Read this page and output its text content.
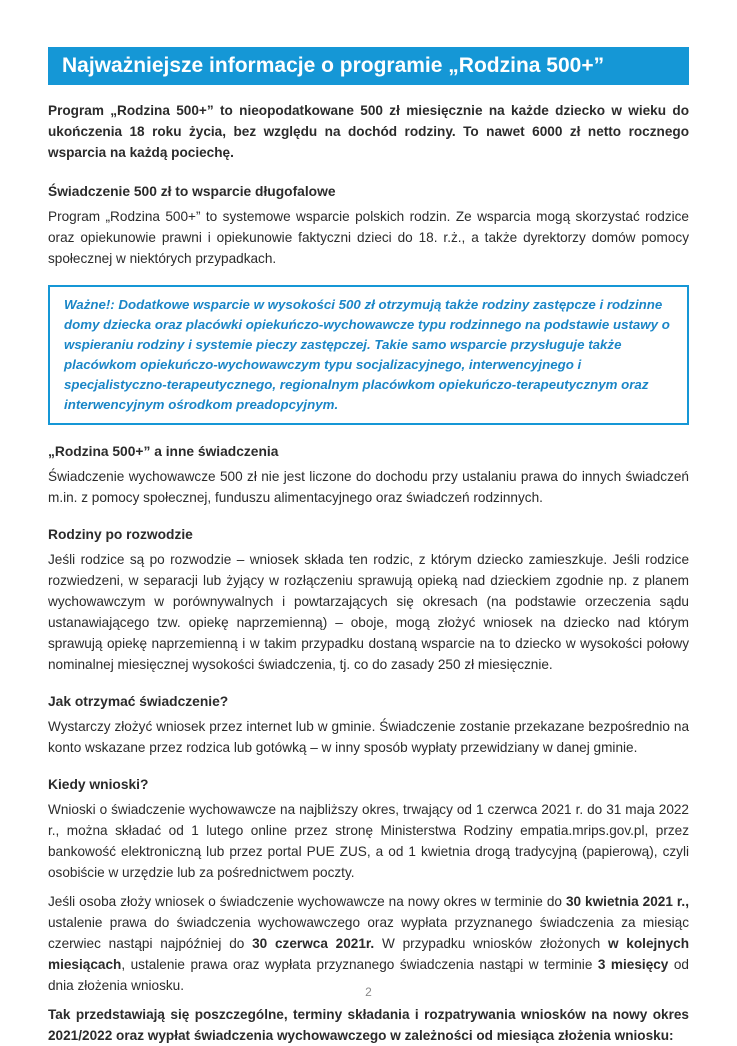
Najważniejsze informacje o programie „Rodzina 500+”

Program „Rodzina 500+” to nieopodatkowane 500 zł miesięcznie na każde dziecko w wieku do ukończenia 18 roku życia, bez względu na dochód rodziny. To nawet 6000 zł netto rocznego wsparcia na każdą pociechę.

Świadczenie 500 zł to wsparcie długofalowe

Program „Rodzina 500+” to systemowe wsparcie polskich rodzin. Ze wsparcia mogą skorzystać rodzice oraz opiekunowie prawni i opiekunowie faktyczni dzieci do 18. r.ż., a także dyrektorzy domów pomocy społecznej w niektórych przypadkach.

Ważne!: Dodatkowe wsparcie w wysokości 500 zł otrzymują także rodziny zastępcze i rodzinne domy dziecka oraz placówki opiekuńczo-wychowawcze typu rodzinnego na podstawie ustawy o wspieraniu rodziny i systemie pieczy zastępczej. Takie samo wsparcie przysługuje także placówkom opiekuńczo-wychowawczym typu socjalizacyjnego, interwencyjnego i specjalistyczno-terapeutycznego, regionalnym placówkom opiekuńczo-terapeutycznym oraz interwencyjnym ośrodkom preadopcyjnym.

„Rodzina 500+” a inne świadczenia

Świadczenie wychowawcze 500 zł nie jest liczone do dochodu przy ustalaniu prawa do innych świadczeń m.in. z pomocy społecznej, funduszu alimentacyjnego oraz świadczeń rodzinnych.

Rodziny po rozwodzie

Jeśli rodzice są po rozwodzie – wniosek składa ten rodzic, z którym dziecko zamieszkuje. Jeśli rodzice rozwiedzeni, w separacji lub żyjący w rozłączeniu sprawują opieką nad dzieckiem zgodnie np. z planem wychowawczym w porównywalnych i powtarzających się okresach (na podstawie orzeczenia sądu ustanawiającego tzw. opiekę naprzemienną) – oboje, mogą złożyć wniosek na dziecko nad którym sprawują opiekę naprzemienną i w takim przypadku dostaną wsparcie na to dziecko w wysokości połowy nominalnej miesięcznej wysokości świadczenia, tj. co do zasady 250 zł miesięcznie.

Jak otrzymać świadczenie?

Wystarczy złożyć wniosek przez internet lub w gminie. Świadczenie zostanie przekazane bezpośrednio na konto wskazane przez rodzica lub gotówką – w inny sposób wypłaty przewidziany w danej gminie.

Kiedy wnioski?

Wnioski o świadczenie wychowawcze na najbliższy okres, trwający od 1 czerwca 2021 r. do 31 maja 2022 r., można składać od 1 lutego online przez stronę Ministerstwa Rodziny empatia.mrips.gov.pl, przez bankowość elektroniczną lub przez portal PUE ZUS, a od 1 kwietnia drogą tradycyjną (papierową), czyli osobiście w urzędzie lub za pośrednictwem poczty.

Jeśli osoba złoży wniosek o świadczenie wychowawcze na nowy okres w terminie do 30 kwietnia 2021 r., ustalenie prawa do świadczenia wychowawczego oraz wypłata przyznanego świadczenia za miesiąc czerwiec nastąpi najpóźniej do 30 czerwca 2021r. W przypadku wniosków złożonych w kolejnych miesiącach, ustalenie prawa oraz wypłata przyznanego świadczenia nastąpi w terminie 3 miesięcy od dnia złożenia wniosku.

Tak przedstawiają się poszczególne, terminy składania i rozpatrywania wniosków na nowy okres 2021/2022 oraz wypłat świadczenia wychowawczego w zależności od miesiąca złożenia wniosku:

2
